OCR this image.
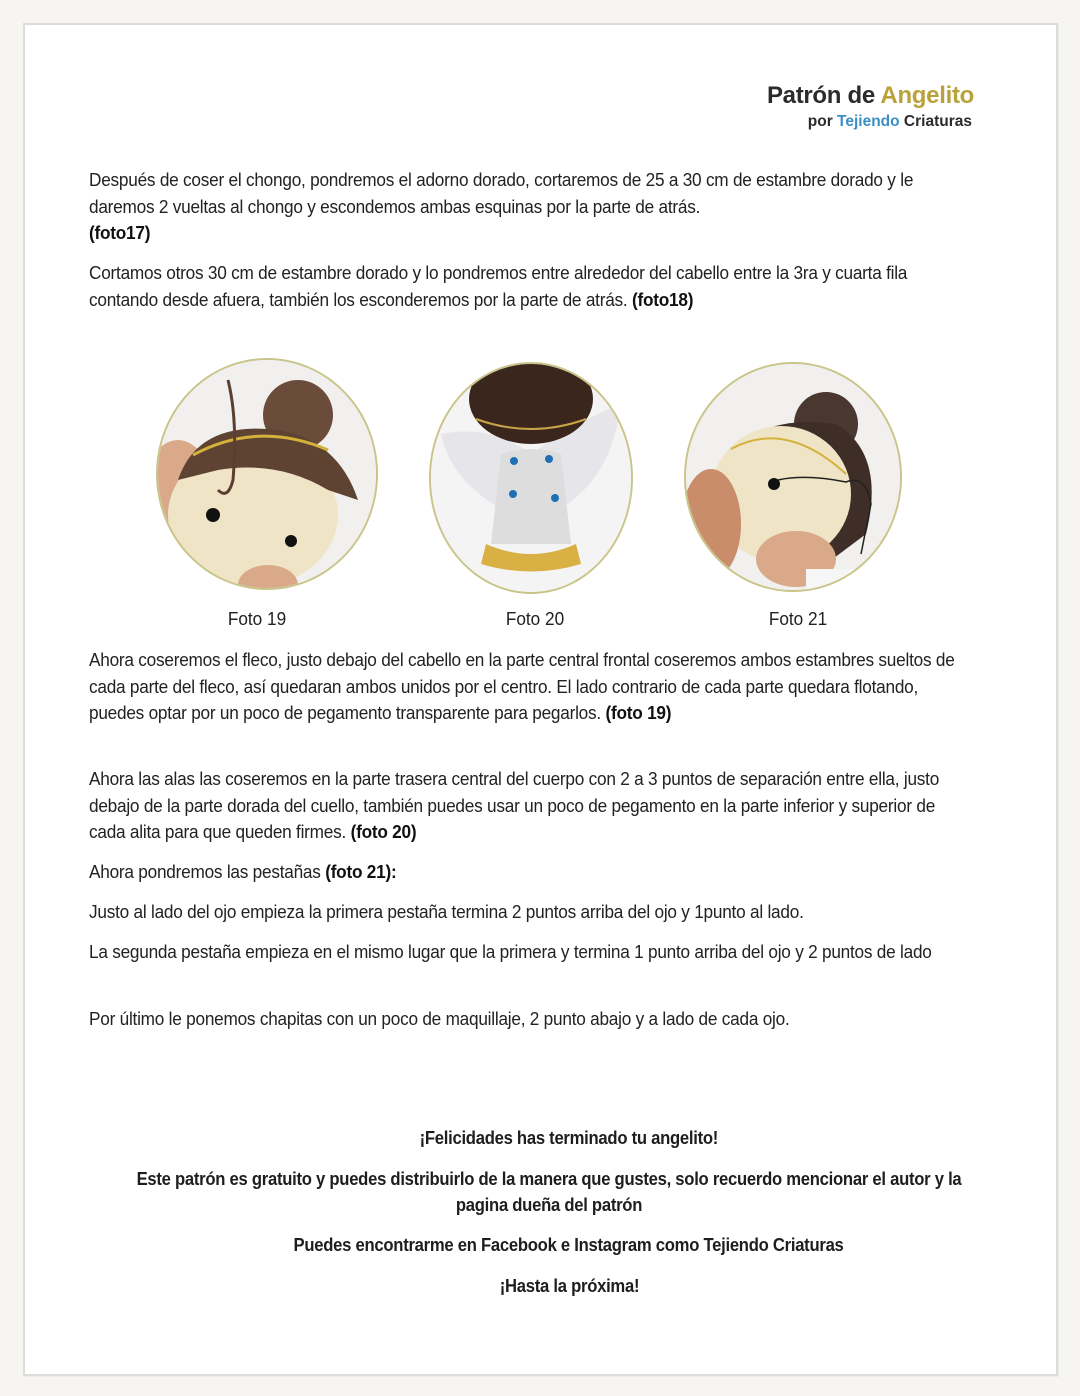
Patrón de Angelito
por Tejiendo Criaturas

Después de coser el chongo, pondremos el adorno dorado, cortaremos de 25 a 30 cm de estambre dorado y le daremos 2 vueltas al chongo y escondemos ambas esquinas por la parte de atrás.
(foto17)

Cortamos otros 30 cm de estambre dorado y lo pondremos entre alrededor del cabello entre la 3ra y cuarta fila contando desde afuera, también los esconderemos por la parte de atrás. (foto18)

Foto 19	Foto 20	Foto 21

Ahora coseremos el fleco, justo debajo del cabello en la parte central frontal coseremos ambos estambres sueltos de cada parte del fleco, así quedaran ambos unidos por el centro. El lado contrario de cada parte quedara flotando, puedes optar por un poco de pegamento transparente para pegarlos. (foto 19)

Ahora las alas las coseremos en la parte trasera central del cuerpo con 2 a 3 puntos de separación entre ella, justo debajo de la parte dorada del cuello, también puedes usar un poco de pegamento en la parte inferior y superior de cada alita para que queden firmes. (foto 20)

Ahora pondremos las pestañas (foto 21):

Justo al lado del ojo empieza la primera pestaña termina 2 puntos arriba del ojo y 1punto al lado.

La segunda pestaña empieza en el mismo lugar que la primera y termina 1 punto arriba del ojo y 2 puntos de lado

Por último le ponemos chapitas con un poco de maquillaje, 2 punto abajo y a lado de cada ojo.

¡Felicidades has terminado tu angelito!
Este patrón es gratuito y puedes distribuirlo de la manera que gustes, solo recuerdo mencionar el autor y la pagina dueña del patrón
Puedes encontrarme en Facebook e Instagram como Tejiendo Criaturas
¡Hasta la próxima!
